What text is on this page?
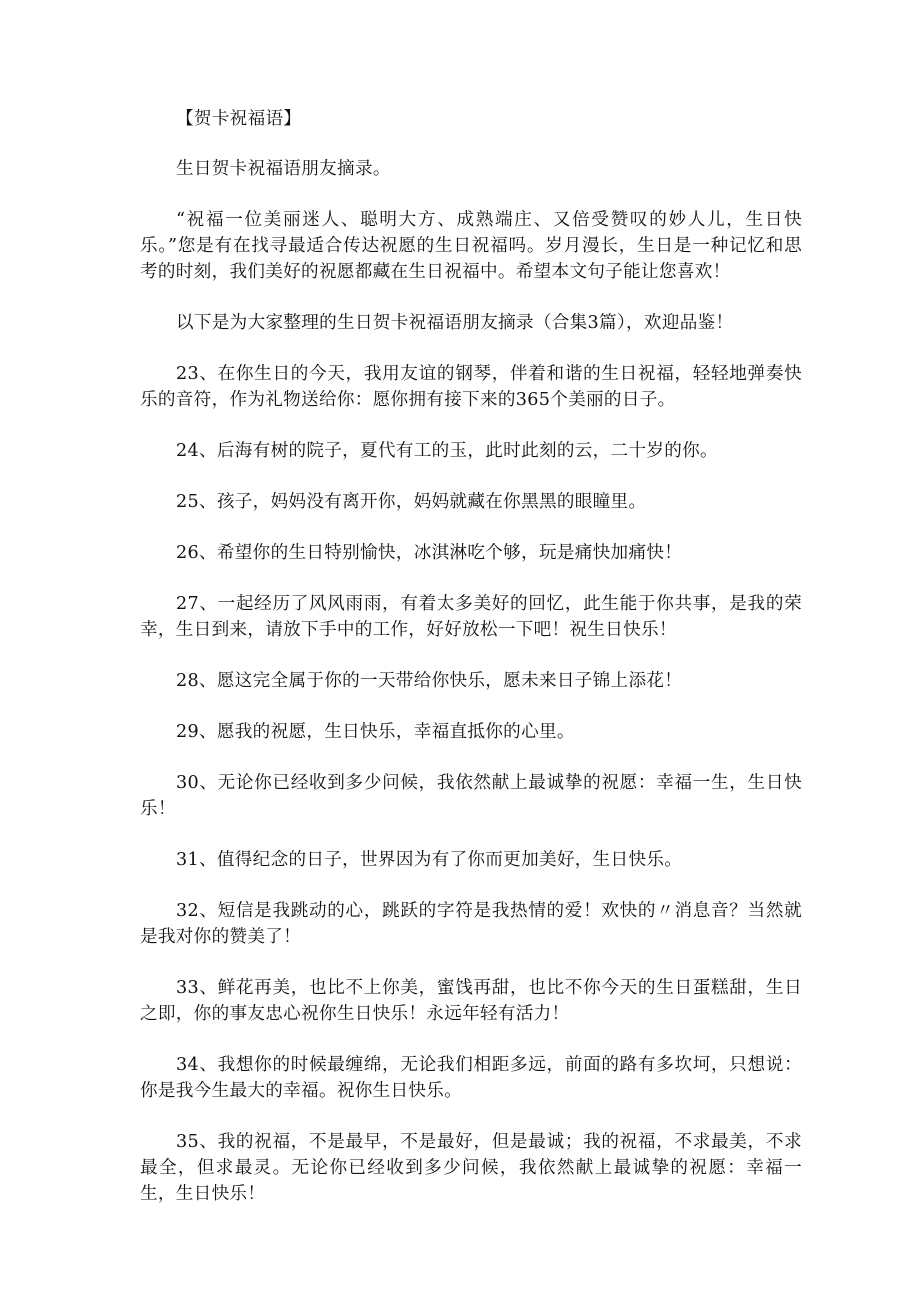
【贺卡祝福语】

生日贺卡祝福语朋友摘录。

“祝福一位美丽迷人、聪明大方、成熟端庄、又倍受赞叹的妙人儿，生日快乐。”您是有在找寻最适合传达祝愿的生日祝福吗。岁月漫长，生日是一种记忆和思考的时刻，我们美好的祝愿都藏在生日祝福中。希望本文句子能让您喜欢！

以下是为大家整理的生日贺卡祝福语朋友摘录（合集3篇），欢迎品鉴！

23、在你生日的今天，我用友谊的钢琴，伴着和谐的生日祝福，轻轻地弹奏快乐的音符，作为礼物送给你：愿你拥有接下来的365个美丽的日子。

24、后海有树的院子，夏代有工的玉，此时此刻的云，二十岁的你。

25、孩子，妈妈没有离开你，妈妈就藏在你黑黑的眼瞳里。

26、希望你的生日特别愉快，冰淇淋吃个够，玩是痛快加痛快！

27、一起经历了风风雨雨，有着太多美好的回忆，此生能于你共事，是我的荣幸，生日到来，请放下手中的工作，好好放松一下吧！祝生日快乐！

28、愿这完全属于你的一天带给你快乐，愿未来日子锦上添花！

29、愿我的祝愿，生日快乐，幸福直抵你的心里。

30、无论你已经收到多少问候，我依然献上最诚挚的祝愿：幸福一生，生日快乐！

31、值得纪念的日子，世界因为有了你而更加美好，生日快乐。

32、短信是我跳动的心，跳跃的字符是我热情的爱！欢快的〃消息音？当然就是我对你的赞美了！

33、鲜花再美，也比不上你美，蜜饯再甜，也比不你今天的生日蛋糕甜，生日之即，你的事友忠心祝你生日快乐！永远年轻有活力！

34、我想你的时候最缠绵，无论我们相距多远，前面的路有多坎坷，只想说：你是我今生最大的幸福。祝你生日快乐。

35、我的祝福，不是最早，不是最好，但是最诚；我的祝福，不求最美，不求最全，但求最灵。无论你已经收到多少问候，我依然献上最诚挚的祝愿：幸福一生，生日快乐！
